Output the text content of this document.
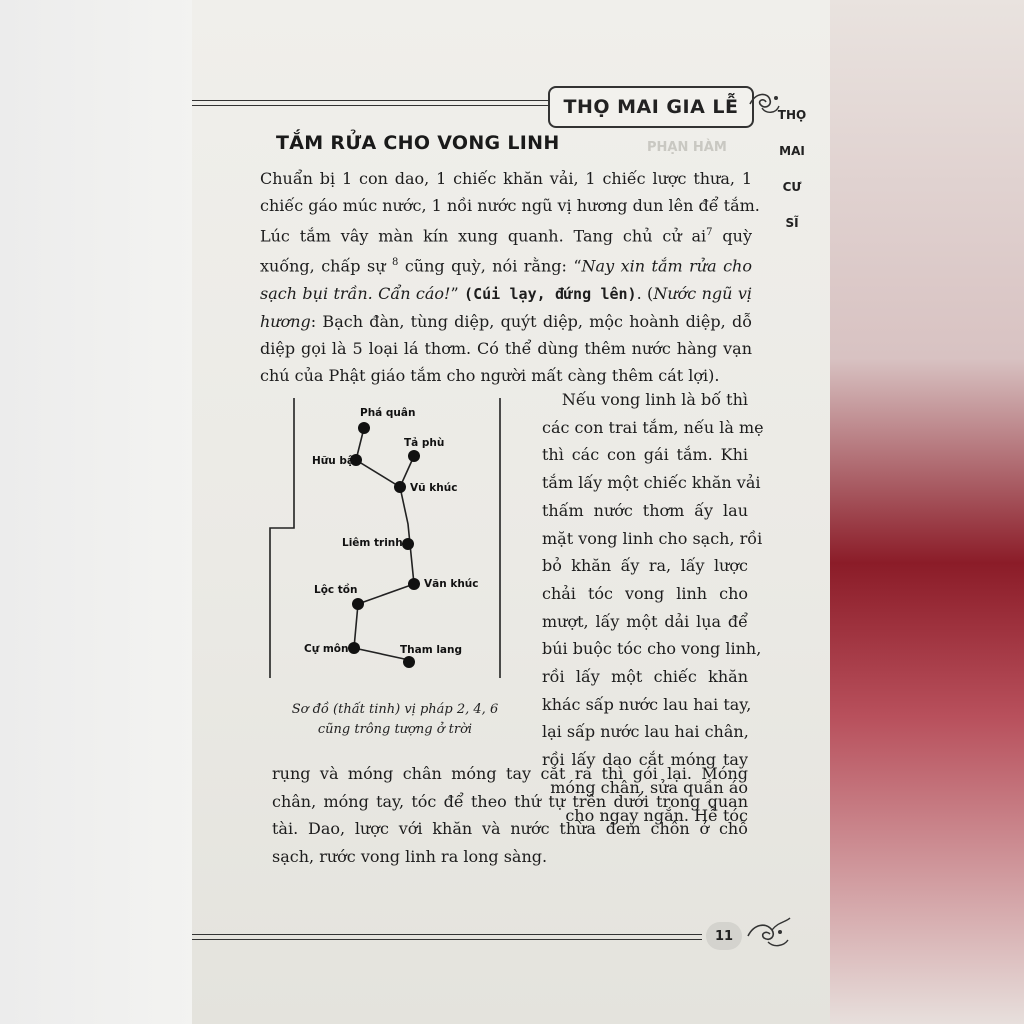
THỌ MAI GIA LỄ	THỌ
MAI
CƯ
SĨ
PHẠN HÀM
TẮM RỬA CHO VONG LINH
Chuẩn bị 1 con dao, 1 chiếc khăn vải, 1 chiếc lược thưa, 1
chiếc gáo múc nước, 1 nồi nước ngũ vị hương dun lên để tắm.
Lúc tắm vây màn kín xung quanh. Tang chủ cử $ai^7$ quỳ
xuống, chấp sự $^8$ cũng quỳ, nói rằng: “Nay xin tắm rửa cho
sạch bụi trần. Cẩn cáo!” (Cúi lạy, đứng lên). (Nước ngũ vị
hương: Bạch đàn, tùng diệp, quýt diệp, mộc hoành diệp, dỗ
diệp gọi là 5 loại lá thơm. Có thể dùng thêm nước hàng vạn
chú của Phật giáo tắm cho người mất càng thêm cát lợi).
Phá quân
Tả phù
Hữu bật
Vũ khúc
Liêm trinh
Văn khúc
Lộc tồn
Cự môn	Tham lang
Sơ đồ (thất tinh) vị pháp 2, 4, 6
cũng trông tượng ở trời
Nếu vong linh là bố thì
các con trai tắm, nếu là mẹ
thì các con gái tắm. Khi
tắm lấy một chiếc khăn vải
thấm nước thơm ấy lau
mặt vong linh cho sạch, rồi
bỏ khăn ấy ra, lấy lược
chải tóc vong linh cho
mượt, lấy một dải lụa để
búi buộc tóc cho vong linh,
rồi lấy một chiếc khăn
khác sấp nước lau hai tay,
lại sấp nước lau hai chân,
rồi lấy dao cắt móng tay
móng chân, sửa quần áo
cho ngay ngắn. Hễ tóc
rụng và móng chân móng tay cắt ra thì gói lại. Móng
chân, móng tay, tóc để theo thứ tự trên dưới trong quan
tài. Dao, lược với khăn và nước thừa đem chôn ở chỗ
sạch, rước vong linh ra long sàng.
11
